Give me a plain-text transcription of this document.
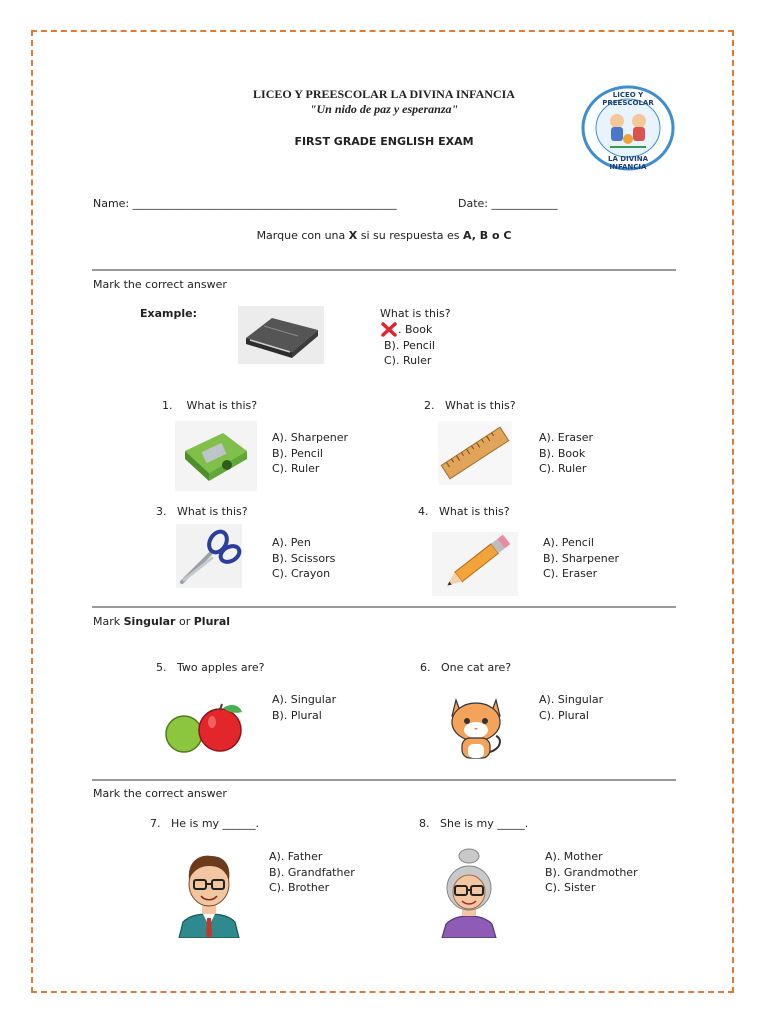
LICEO Y PREESCOLAR LA DIVINA INFANCIA
"Un nido de paz y esperanza"
FIRST GRADE ENGLISH EXAM
LICEO Y PREESCOLAR
LA DIVINA INFANCIA
Name: ________________________________________________	Date: ____________
Marque con una X si su respuesta es A, B o C
Mark the correct answer
Example:	What is this?
. Book
B). Pencil
C). Ruler
1. What is this?
A). Sharpener
B). Pencil
C). Ruler
2. What is this?
A). Eraser
B). Book
C). Ruler
3. What is this?
A). Pen
B). Scissors
C). Crayon
4. What is this?
A). Pencil
B). Sharpener
C). Eraser
Mark Singular or Plural
5. Two apples are?
A). Singular
B). Plural
6. One cat are?
A). Singular
C). Plural
Mark the correct answer
7. He is my ______.
A). Father
B). Grandfather
C). Brother
8. She is my _____.
A). Mother
B). Grandmother
C). Sister
